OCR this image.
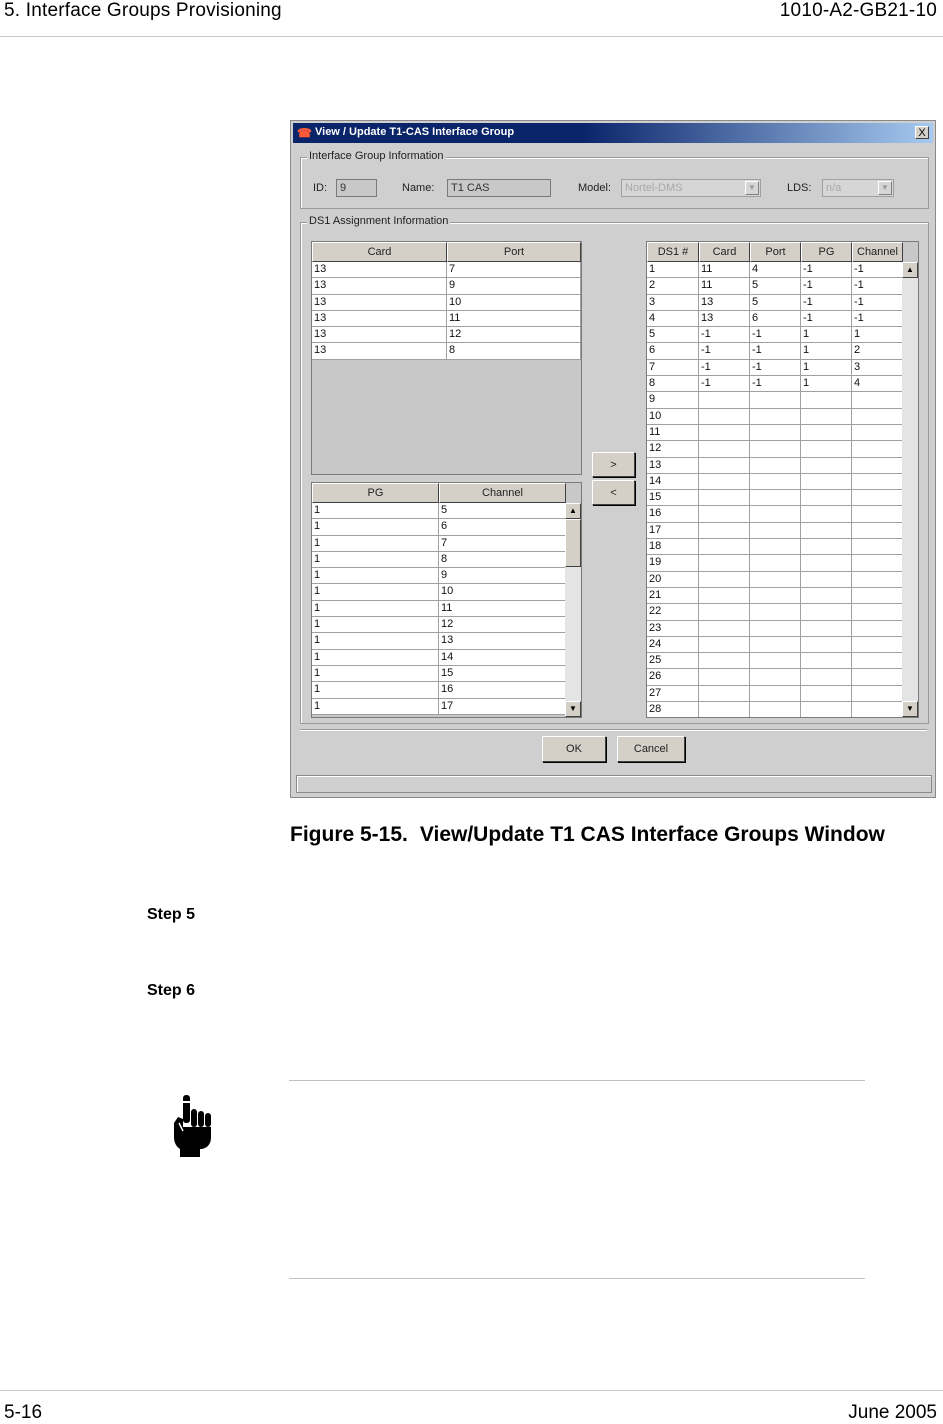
5. Interface Groups Provisioning	1010-A2-GB21-10
☎ View / Update T1-CAS Interface Group	X
Interface Group Information
ID:	9	Name:	T1 CAS	Model:	Nortel-DMS	▼	LDS:	n/a	▼
DS1 Assignment Information
Card	Port
13	7
13	9
13	10
13	11
13	12
13	8
PG	Channel
1	5
1	6
1	7
1	8
1	9
1	10
1	11
1	12
1	13
1	14
1	15
1	16
1	17
▲
▼
>
<
DS1 #	Card	Port	PG	Channel
1	11	4	-1	-1
2	11	5	-1	-1
3	13	5	-1	-1
4	13	6	-1	-1
5	-1	-1	1	1
6	-1	-1	1	2
7	-1	-1	1	3
8	-1	-1	1	4
9
10
11
12
13
14
15
16
17
18
19
20
21
22
23
24
25
26
27
28
▲
▼
OK	Cancel
Figure 5-15. View/Update T1 CAS Interface Groups Window
Step 5
Step 6
5-16	June 2005
